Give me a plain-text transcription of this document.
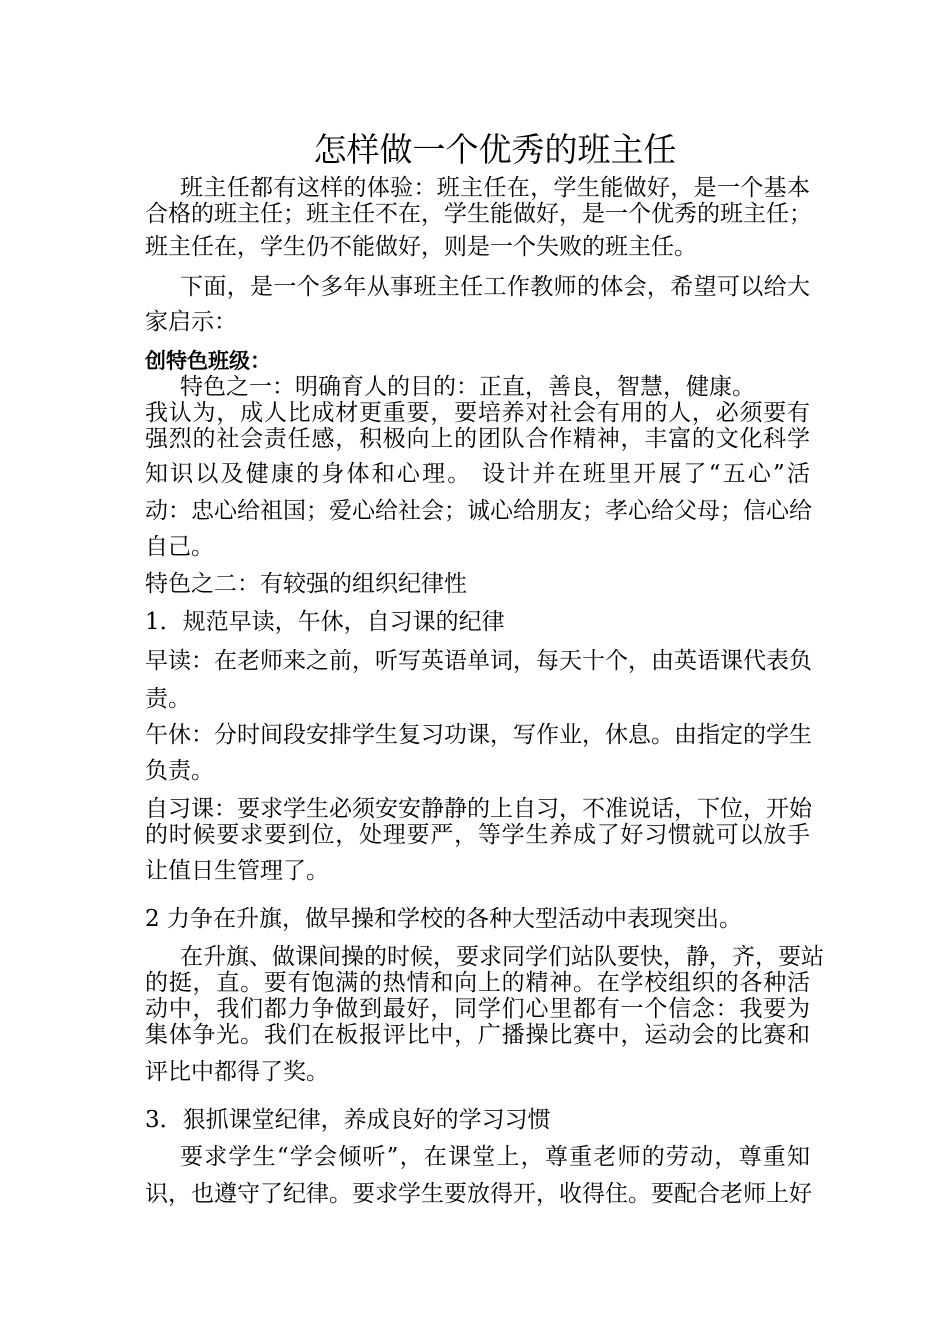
怎样做一个优秀的班主任
班主任都有这样的体验：班主任在，学生能做好，是一个基本
合格的班主任；班主任不在，学生能做好，是一个优秀的班主任；
班主任在，学生仍不能做好，则是一个失败的班主任。
下面，是一个多年从事班主任工作教师的体会，希望可以给大
家启示：
创特色班级：
特色之一：明确育人的目的：正直，善良，智慧，健康。
我认为，成人比成材更重要，要培养对社会有用的人，必须要有
强烈的社会责任感，积极向上的团队合作精神，丰富的文化科学
知识以及健康的身体和心理。 设计并在班里开展了“五心”活
动：忠心给祖国；爱心给社会；诚心给朋友；孝心给父母；信心给
自己。
特色之二：有较强的组织纪律性
1．规范早读，午休，自习课的纪律
早读：在老师来之前，听写英语单词，每天十个，由英语课代表负
责。
午休：分时间段安排学生复习功课，写作业，休息。由指定的学生
负责。
自习课：要求学生必须安安静静的上自习，不准说话，下位，开始
的时候要求要到位，处理要严，等学生养成了好习惯就可以放手
让值日生管理了。
2 力争在升旗，做早操和学校的各种大型活动中表现突出。
在升旗、做课间操的时候，要求同学们站队要快，静，齐，要站
的挺，直。要有饱满的热情和向上的精神。在学校组织的各种活
动中，我们都力争做到最好，同学们心里都有一个信念：我要为
集体争光。我们在板报评比中，广播操比赛中，运动会的比赛和
评比中都得了奖。
3．狠抓课堂纪律，养成良好的学习习惯
要求学生“学会倾听”，在课堂上，尊重老师的劳动，尊重知
识，也遵守了纪律。要求学生要放得开，收得住。要配合老师上好
